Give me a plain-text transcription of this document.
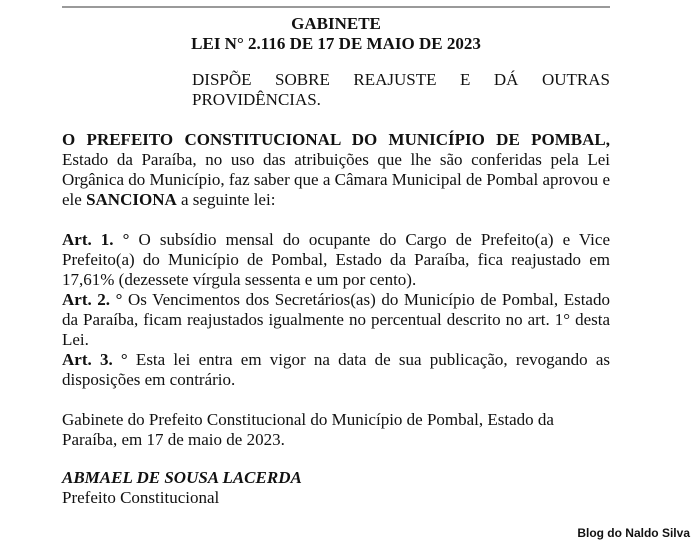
GABINETE
LEI N° 2.116 DE 17 DE MAIO DE 2023
DISPÕE SOBRE REAJUSTE E DÁ OUTRAS PROVIDÊNCIAS.
O PREFEITO CONSTITUCIONAL DO MUNICÍPIO DE POMBAL, Estado da Paraíba, no uso das atribuições que lhe são conferidas pela Lei Orgânica do Município, faz saber que a Câmara Municipal de Pombal aprovou e ele SANCIONA a seguinte lei:
Art. 1. ° O subsídio mensal do ocupante do Cargo de Prefeito(a) e Vice Prefeito(a) do Município de Pombal, Estado da Paraíba, fica reajustado em 17,61% (dezessete vírgula sessenta e um por cento).
Art. 2. ° Os Vencimentos dos Secretários(as) do Município de Pombal, Estado da Paraíba, ficam reajustados igualmente no percentual descrito no art. 1° desta Lei.
Art. 3. ° Esta lei entra em vigor na data de sua publicação, revogando as disposições em contrário.
Gabinete do Prefeito Constitucional do Município de Pombal, Estado da Paraíba, em 17 de maio de 2023.
ABMAEL DE SOUSA LACERDA
Prefeito Constitucional
Blog do Naldo Silva
